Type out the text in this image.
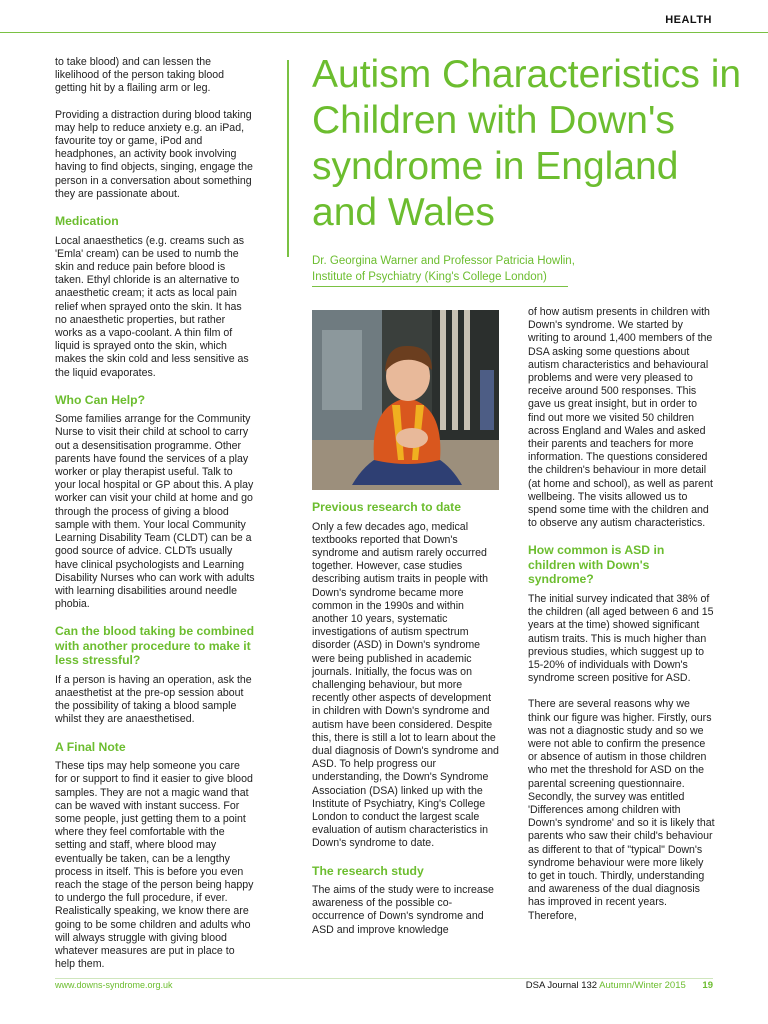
HEALTH

to take blood) and can lessen the likelihood of the person taking blood getting hit by a flailing arm or leg.

Providing a distraction during blood taking may help to reduce anxiety e.g. an iPad, favourite toy or game, iPod and headphones, an activity book involving having to find objects, singing, engage the person in a conversation about something they are passionate about.

Medication

Local anaesthetics (e.g. creams such as 'Emla' cream) can be used to numb the skin and reduce pain before blood is taken. Ethyl chloride is an alternative to anaesthetic cream; it acts as local pain relief when sprayed onto the skin. It has no anaesthetic properties, but rather works as a vapo-coolant. A thin film of liquid is sprayed onto the skin, which makes the skin cold and less sensitive as the liquid evaporates.

Who Can Help?

Some families arrange for the Community Nurse to visit their child at school to carry out a desensitisation programme. Other parents have found the services of a play worker or play therapist useful. Talk to your local hospital or GP about this. A play worker can visit your child at home and go through the process of giving a blood sample with them. Your local Community Learning Disability Team (CLDT) can be a good source of advice. CLDTs usually have clinical psychologists and Learning Disability Nurses who can work with adults with learning disabilities around needle phobia.

Can the blood taking be combined with another procedure to make it less stressful?

If a person is having an operation, ask the anaesthetist at the pre-op session about the possibility of taking a blood sample whilst they are anaesthetised.

A Final Note

These tips may help someone you care for or support to find it easier to give blood samples. They are not a magic wand that can be waved with instant success. For some people, just getting them to a point where they feel comfortable with the setting and staff, where blood may eventually be taken, can be a lengthy process in itself. This is before you even reach the stage of the person being happy to undergo the full procedure, if ever. Realistically speaking, we know there are going to be some children and adults who will always struggle with giving blood whatever measures are put in place to help them.

Autism Characteristics in Children with Down's syndrome in England and Wales
Dr. Georgina Warner and Professor Patricia Howlin,
Institute of Psychiatry (King's College London)
Previous research to date

Only a few decades ago, medical textbooks reported that Down's syndrome and autism rarely occurred together. However, case studies describing autism traits in people with Down's syndrome became more common in the 1990s and within another 10 years, systematic investigations of autism spectrum disorder (ASD) in Down's syndrome were being published in academic journals. Initially, the focus was on challenging behaviour, but more recently other aspects of development in children with Down's syndrome and autism have been considered. Despite this, there is still a lot to learn about the dual diagnosis of Down's syndrome and ASD. To help progress our understanding, the Down's Syndrome Association (DSA) linked up with the Institute of Psychiatry, King's College London to conduct the largest scale evaluation of autism characteristics in Down's syndrome to date.

The research study

The aims of the study were to increase awareness of the possible co-occurrence of Down's syndrome and ASD and improve knowledge

of how autism presents in children with Down's syndrome. We started by writing to around 1,400 members of the DSA asking some questions about autism characteristics and behavioural problems and were very pleased to receive around 500 responses. This gave us great insight, but in order to find out more we visited 50 children across England and Wales and asked their parents and teachers for more information. The questions considered the children's behaviour in more detail (at home and school), as well as parent wellbeing. The visits allowed us to spend some time with the children and to observe any autism characteristics.

How common is ASD in children with Down's syndrome?

The initial survey indicated that 38% of the children (all aged between 6 and 15 years at the time) showed significant autism traits. This is much higher than previous studies, which suggest up to 15-20% of individuals with Down's syndrome screen positive for ASD.

There are several reasons why we think our figure was higher. Firstly, ours was not a diagnostic study and so we were not able to confirm the presence or absence of autism in those children who met the threshold for ASD on the parental screening questionnaire. Secondly, the survey was entitled 'Differences among children with Down's syndrome' and so it is likely that parents who saw their child's behaviour as different to that of "typical" Down's syndrome behaviour were more likely to get in touch. Thirdly, understanding and awareness of the dual diagnosis has improved in recent years. Therefore,

www.downs-syndrome.org.uk	DSA Journal 132 Autumn/Winter 2015 19
